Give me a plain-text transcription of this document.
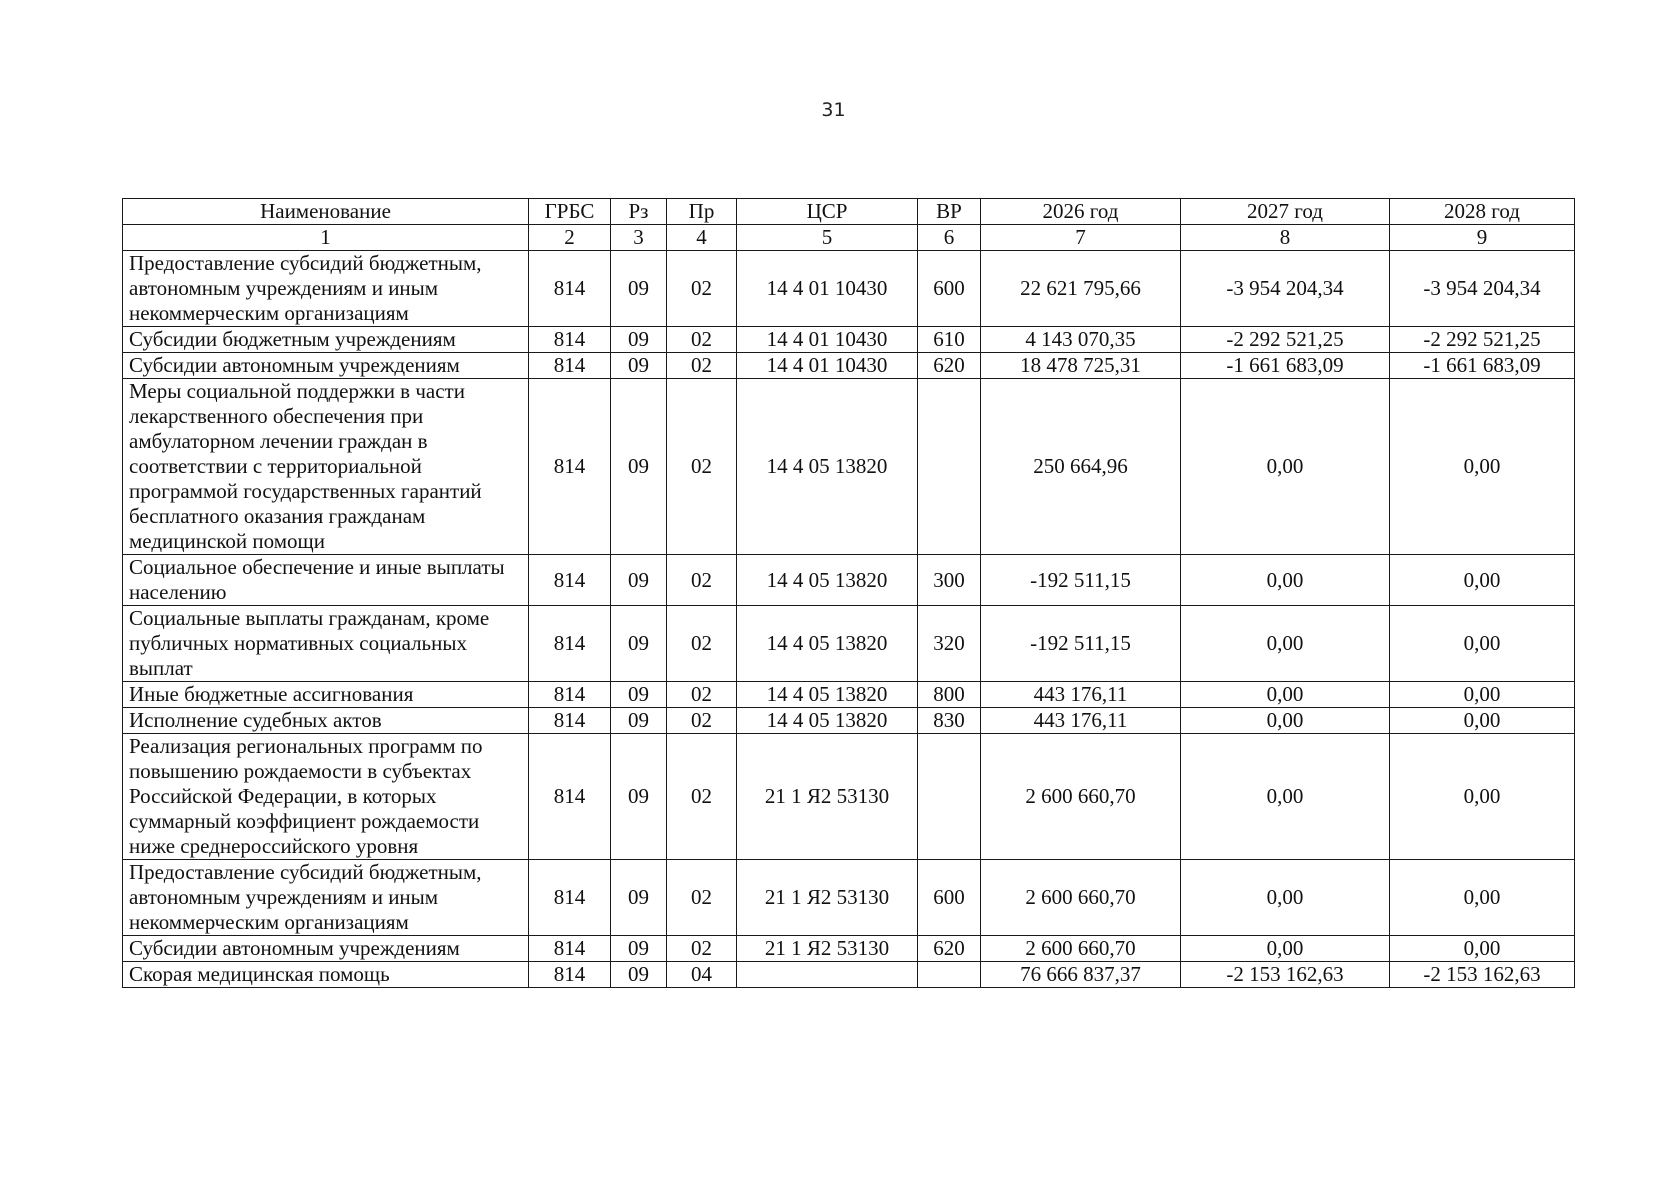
31
Наименование	ГРБС	Рз	Пр	ЦСР	ВР	2026 год	2027 год	2028 год
1	2	3	4	5	6	7	8	9
Предоставление субсидий бюджетным, автономным учреждениям и иным некоммерческим организациям	814	09	02	14 4 01 10430	600	22 621 795,66	-3 954 204,34	-3 954 204,34
Субсидии бюджетным учреждениям	814	09	02	14 4 01 10430	610	4 143 070,35	-2 292 521,25	-2 292 521,25
Субсидии автономным учреждениям	814	09	02	14 4 01 10430	620	18 478 725,31	-1 661 683,09	-1 661 683,09
Меры социальной поддержки в части лекарственного обеспечения при амбулаторном лечении граждан в соответствии с территориальной программой государственных гарантий бесплатного оказания гражданам медицинской помощи	814	09	02	14 4 05 13820		250 664,96	0,00	0,00
Социальное обеспечение и иные выплаты населению	814	09	02	14 4 05 13820	300	-192 511,15	0,00	0,00
Социальные выплаты гражданам, кроме публичных нормативных социальных выплат	814	09	02	14 4 05 13820	320	-192 511,15	0,00	0,00
Иные бюджетные ассигнования	814	09	02	14 4 05 13820	800	443 176,11	0,00	0,00
Исполнение судебных актов	814	09	02	14 4 05 13820	830	443 176,11	0,00	0,00
Реализация региональных программ по повышению рождаемости в субъектах Российской Федерации, в которых суммарный коэффициент рождаемости ниже среднероссийского уровня	814	09	02	21 1 Я2 53130		2 600 660,70	0,00	0,00
Предоставление субсидий бюджетным, автономным учреждениям и иным некоммерческим организациям	814	09	02	21 1 Я2 53130	600	2 600 660,70	0,00	0,00
Субсидии автономным учреждениям	814	09	02	21 1 Я2 53130	620	2 600 660,70	0,00	0,00
Скорая медицинская помощь	814	09	04			76 666 837,37	-2 153 162,63	-2 153 162,63
